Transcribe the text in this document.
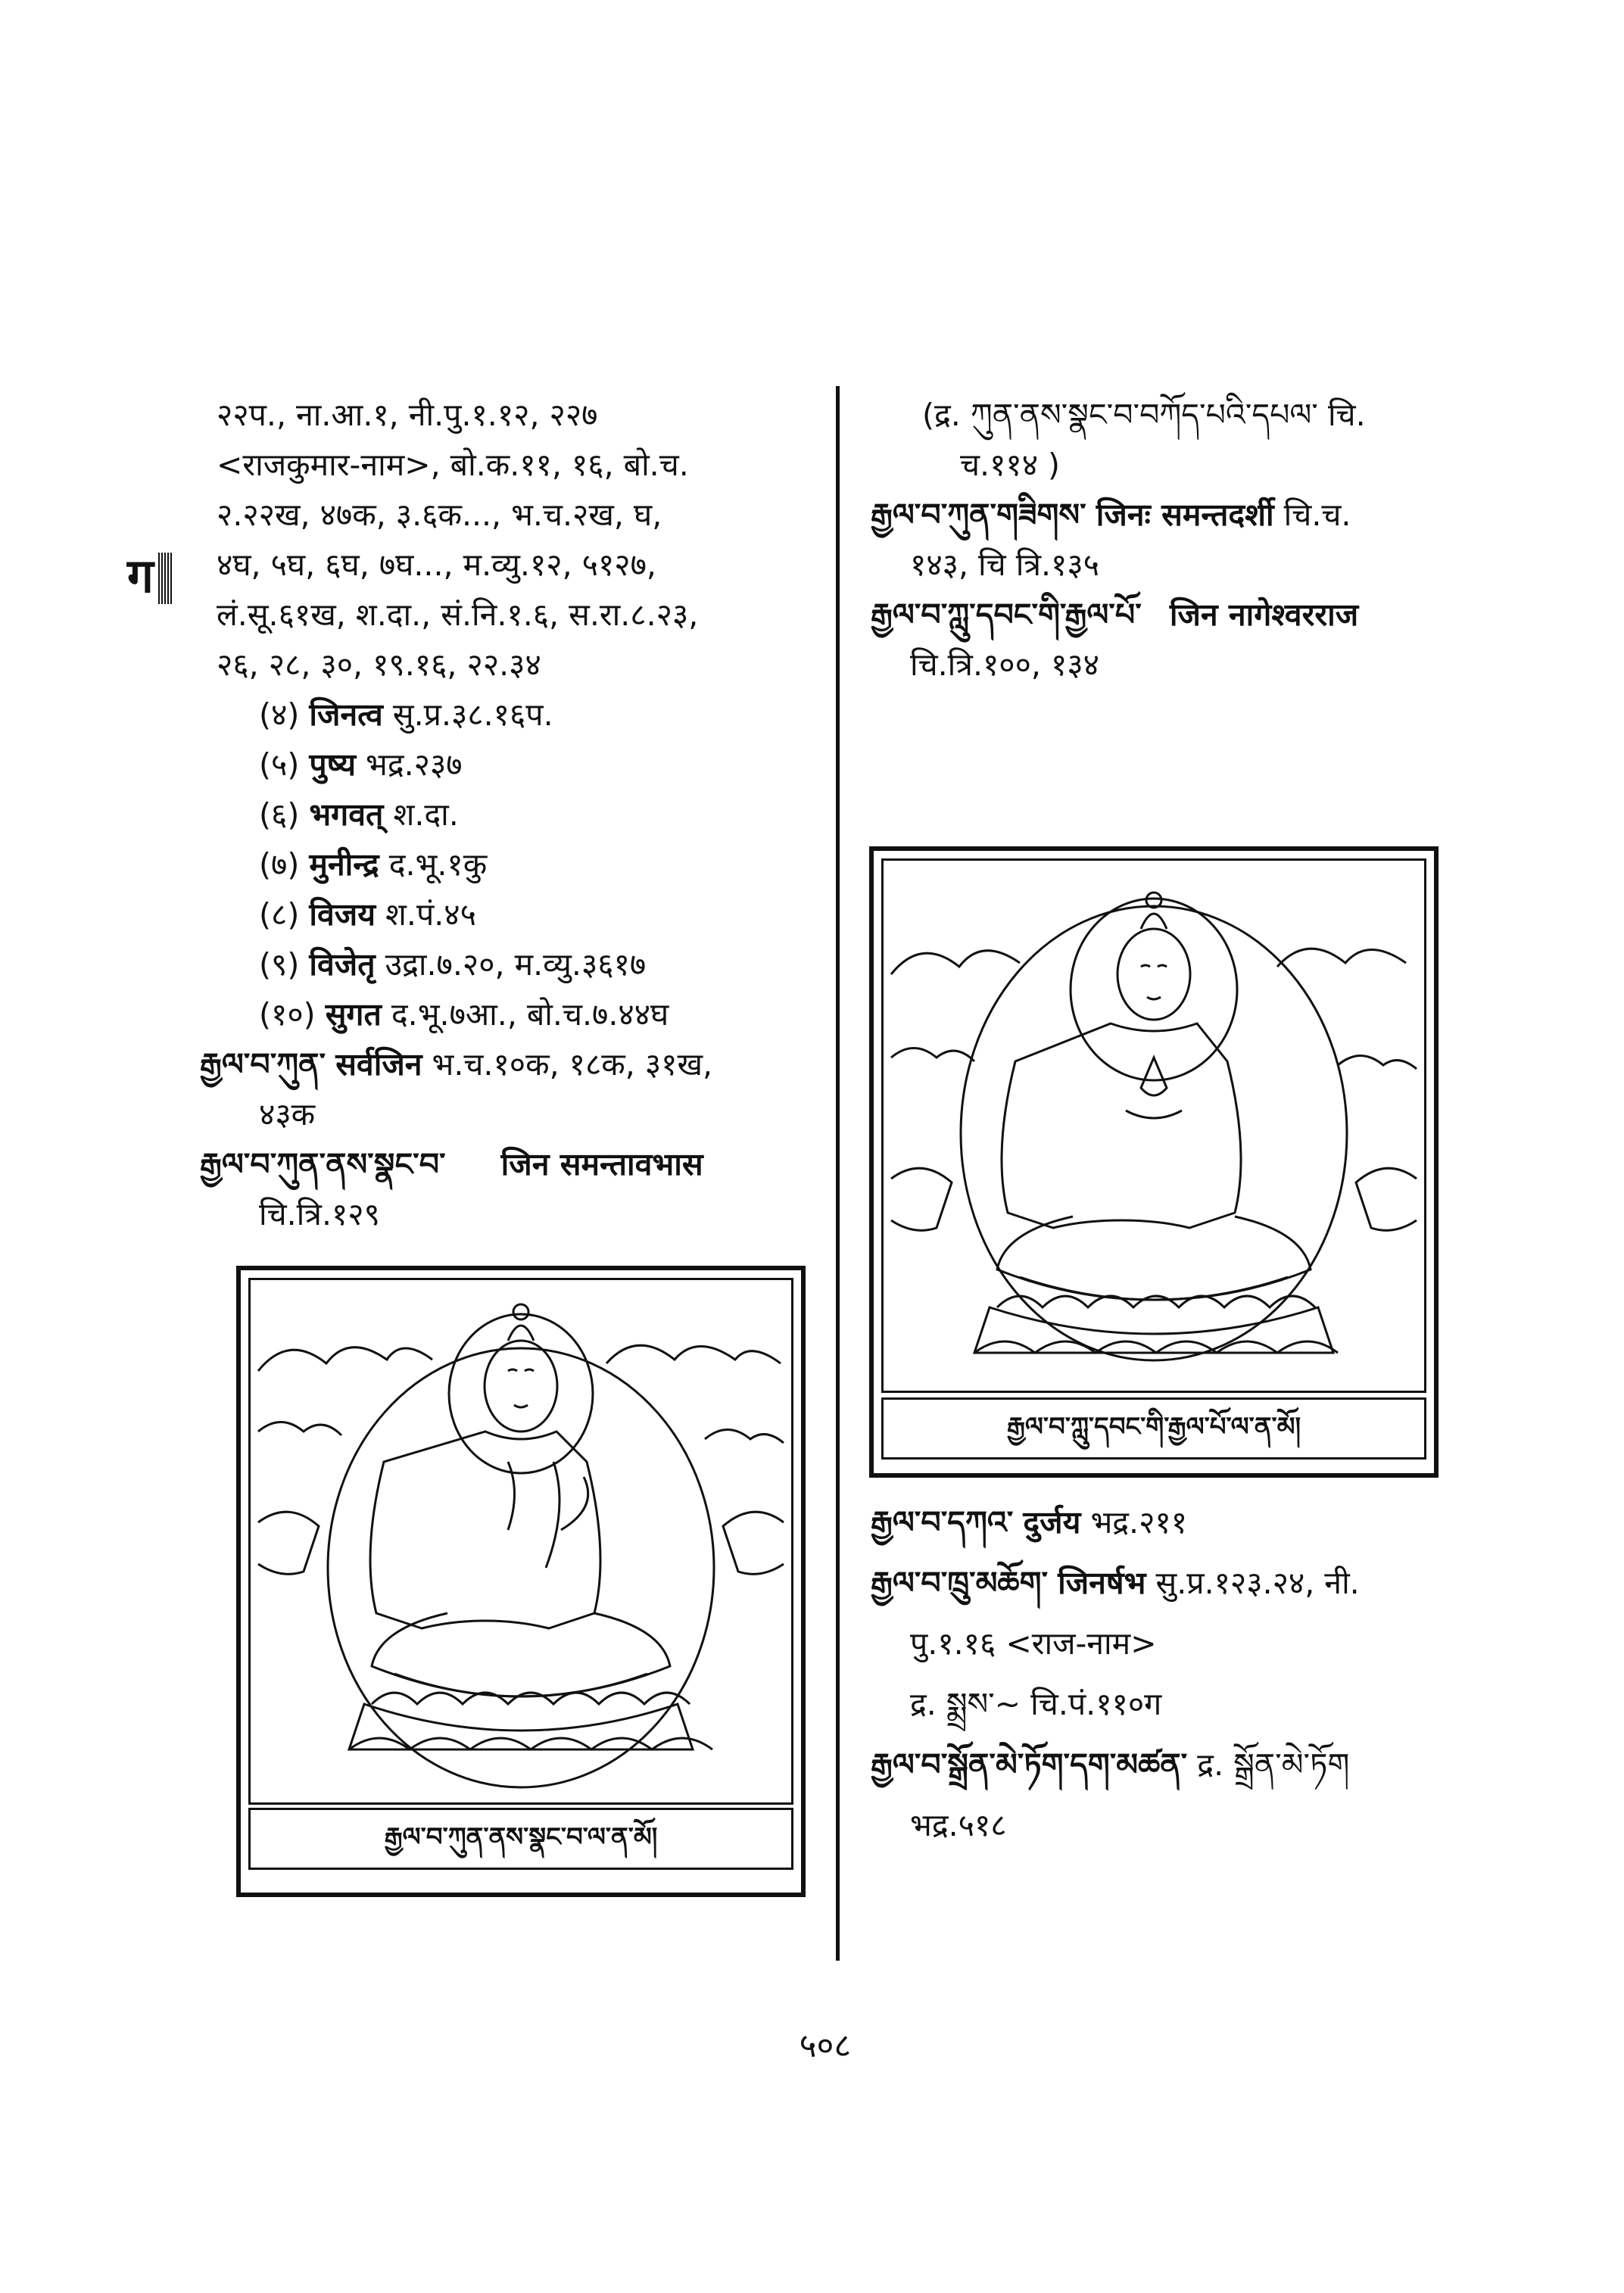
ग
२२प., ना.आ.१, नी.पु.१.१२, २२७
<राजकुमार-नाम>, बो.क.११, १६, बो.च.
२.२२ख, ४७क, ३.६क..., भ.च.२ख, घ,
४घ, ५घ, ६घ, ७घ..., म.व्यु.१२, ५१२७,
लं.सू.६१ख, श.दा., सं.नि.१.६, स.रा.८.२३,
२६, २८, ३०, १९.१६, २२.३४
(४) जिनत्व सु.प्र.३८.१६प.
(५) पुष्य भद्र.२३७
(६) भगवत् श.दा.
(७) मुनीन्द्र द.भू.१कु
(८) विजय श.पं.४५
(९) विजेतृ उद्रा.७.२०, म.व्यु.३६१७
(१०) सुगत द.भू.७आ., बो.च.७.४४घ
རྒྱལ་བ་ཀུན་ सर्वजिन भ.च.१०क, १८क, ३१ख,
४३क
རྒྱལ་བ་ཀུན་ནས་སྣང་བ་ जिन समन्तावभास
चि.त्रि.१२९
རྒྱལ་བ་ཀུན་ནས་སྣང་བ་ལ་ན་མོ།
(द्र. ཀུན་ནས་སྣང་བ་བཀོད་པའི་དཔལ་ चि.
च.११४ )
རྒྱལ་བ་ཀུན་གཟིགས་ जिनः समन्तदर्शी चि.च.
१४३, चि त्रि.१३५
རྒྱལ་བ་ཀླུ་དབང་གི་རྒྱལ་པོ་ जिन नागेश्वरराज
चि.त्रि.१००, १३४
རྒྱལ་བ་དཀའ་ दुर्जय भद्र.२११
རྒྱལ་བ་ཁྲུ་མཆོག་ जिनर्षभ सु.प्र.१२३.२४, नी.
पु.१.१६ <राज-नाम>
द्र. སྨྲས་~ चि.पं.११०ग
རྒྱལ་བ་སྒྲོན་མེ་ཏོག་དག་མཚན་ द्र. སྒྲོན་མེ་ཏོག
भद्र.५१८
རྒྱལ་བ་ཀླུ་དབང་གི་རྒྱལ་པོ་ལ་ན་མོ།
५०८
